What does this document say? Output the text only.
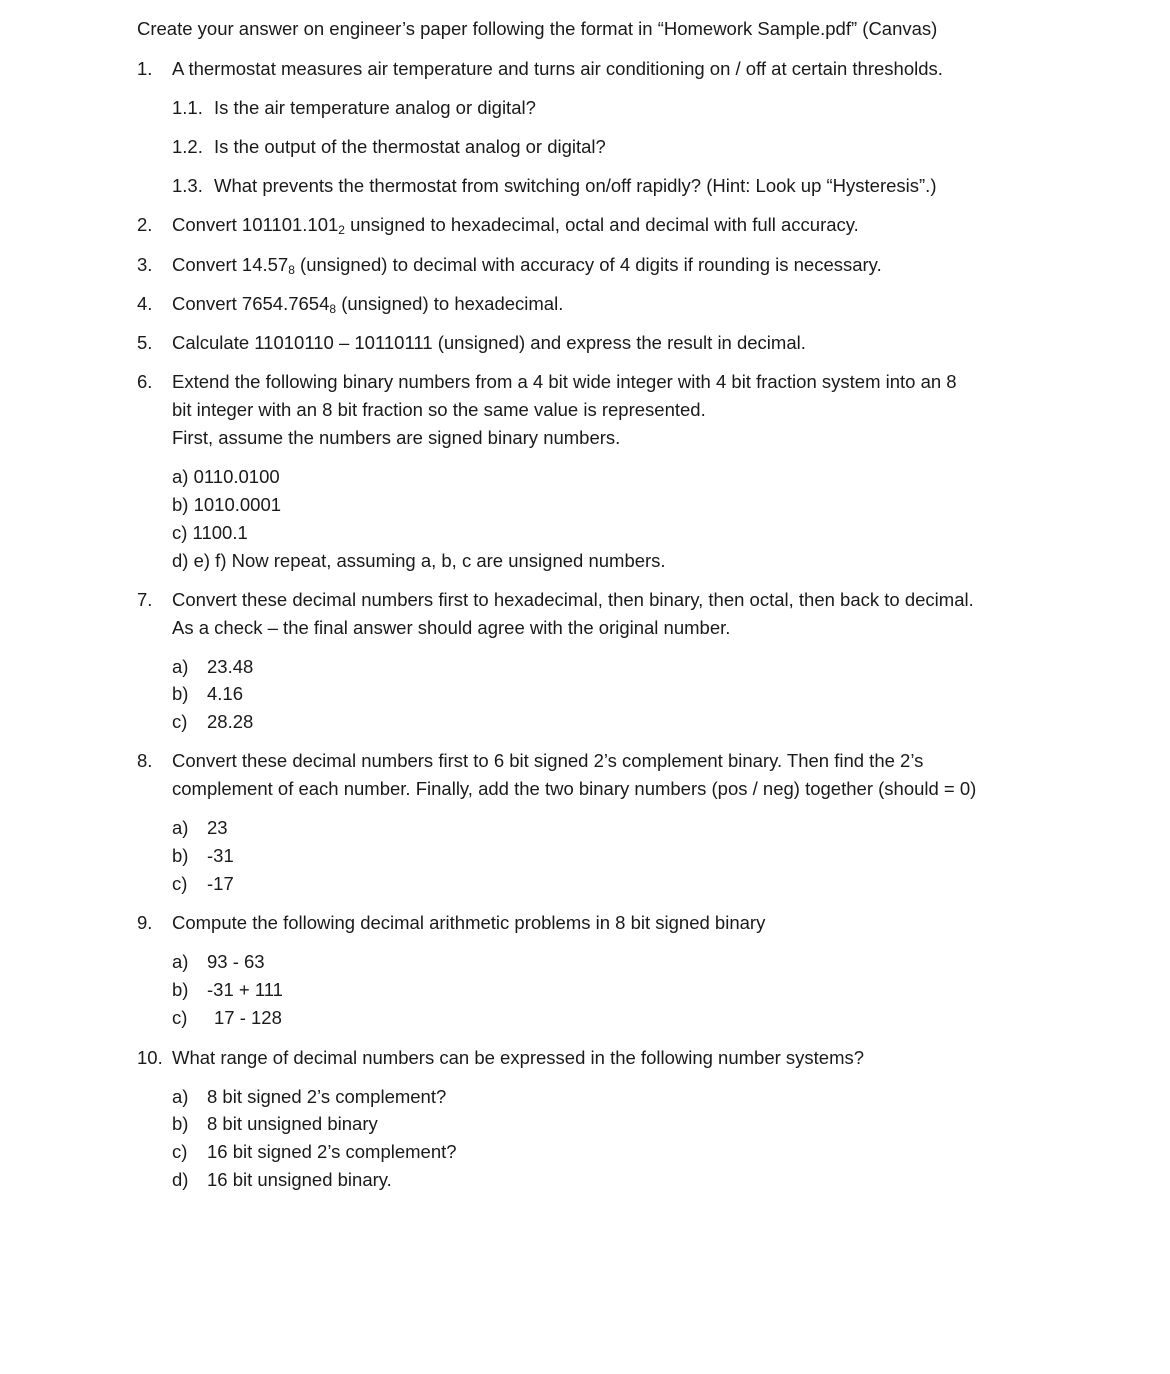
Create your answer on engineer’s paper following the format in “Homework Sample.pdf” (Canvas)
1. A thermostat measures air temperature and turns air conditioning on / off at certain thresholds.
1.1. Is the air temperature analog or digital?
1.2. Is the output of the thermostat analog or digital?
1.3. What prevents the thermostat from switching on/off rapidly? (Hint: Look up “Hysteresis”.)
2. Convert $101101.101_2$ unsigned to hexadecimal, octal and decimal with full accuracy.
3. Convert $14.57_8$ (unsigned) to decimal with accuracy of 4 digits if rounding is necessary.
4. Convert $7654.7654_8$ (unsigned) to hexadecimal.
5. Calculate 11010110 – 10110111 (unsigned) and express the result in decimal.
6. Extend the following binary numbers from a 4 bit wide integer with 4 bit fraction system into an 8
bit integer with an 8 bit fraction so the same value is represented.
First, assume the numbers are signed binary numbers.
a) 0110.0100
b) 1010.0001
c) 1100.1
d) e) f) Now repeat, assuming a, b, c are unsigned numbers.
7. Convert these decimal numbers first to hexadecimal, then binary, then octal, then back to decimal.
As a check – the final answer should agree with the original number.
a) 23.48
b) 4.16
c) 28.28
8. Convert these decimal numbers first to 6 bit signed 2’s complement binary. Then find the 2’s
complement of each number. Finally, add the two binary numbers (pos / neg) together (should = 0)
a) 23
b) -31
c) -17
9. Compute the following decimal arithmetic problems in 8 bit signed binary
a) 93 - 63
b) -31 + 111
c) 17 - 128
10. What range of decimal numbers can be expressed in the following number systems?
a) 8 bit signed 2’s complement?
b) 8 bit unsigned binary
c) 16 bit signed 2’s complement?
d) 16 bit unsigned binary.
